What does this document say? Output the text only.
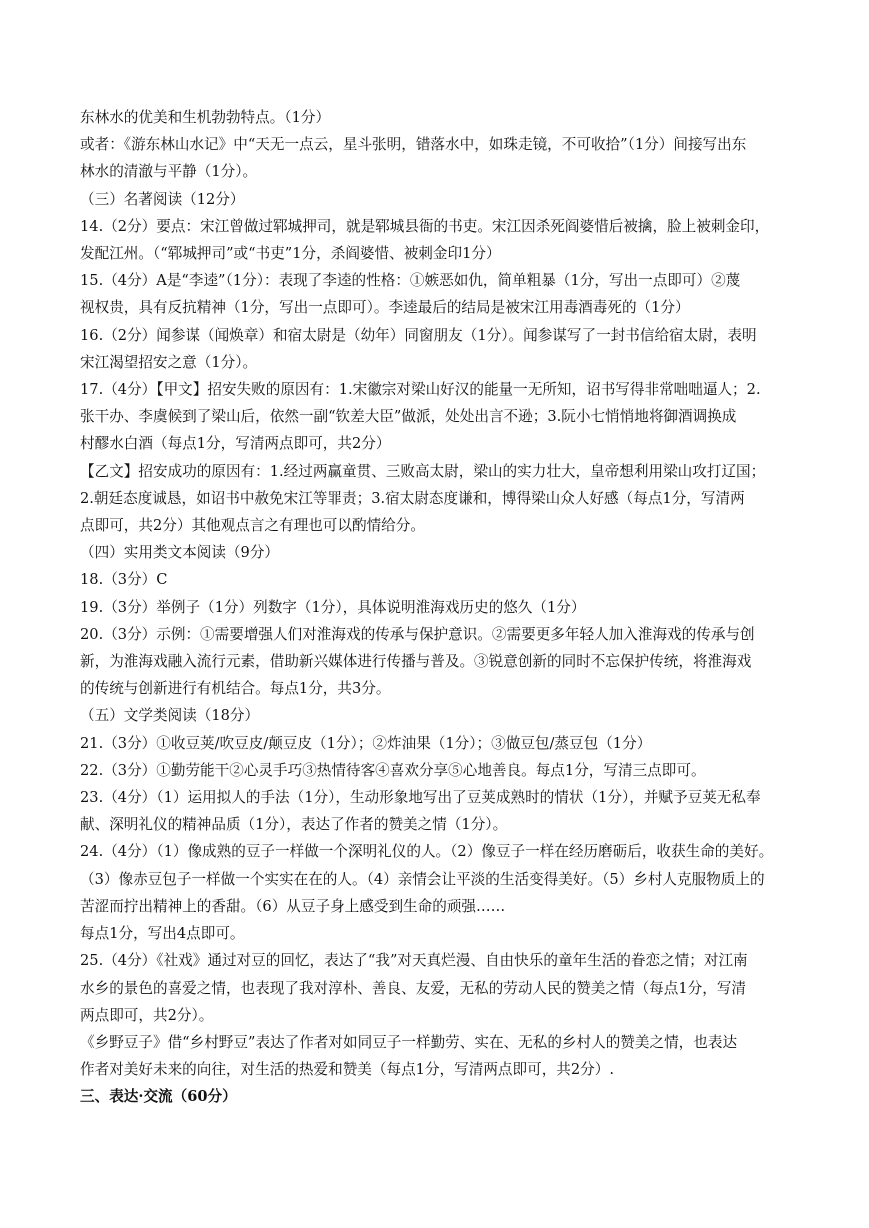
东林水的优美和生机勃勃特点。（1分）
或者：《游东林山水记》中“天无一点云，星斗张明，错落水中，如珠走镜，不可收拾”（1分）间接写出东
林水的清澈与平静（1分）。
（三）名著阅读（12分）
14.（2分）要点：宋江曾做过郓城押司，就是郓城县衙的书吏。宋江因杀死阎婆惜后被擒，脸上被刺金印，
发配江州。（“郓城押司”或“书吏”1分，杀阎婆惜、被刺金印1分）
15.（4分）A是“李逵”（1分）：表现了李逵的性格：①嫉恶如仇，简单粗暴（1分，写出一点即可）②蔑
视权贵，具有反抗精神（1分，写出一点即可）。李逵最后的结局是被宋江用毒酒毒死的（1分）
16.（2分）闻参谋（闻焕章）和宿太尉是（幼年）同窗朋友（1分）。闻参谋写了一封书信给宿太尉，表明
宋江渴望招安之意（1分）。
17.（4分）【甲文】招安失败的原因有：1.宋徽宗对梁山好汉的能量一无所知，诏书写得非常咄咄逼人；2.
张干办、李虞候到了梁山后，依然一副“钦差大臣”做派，处处出言不逊；3.阮小七悄悄地将御酒调换成
村醪水白酒（每点1分，写清两点即可，共2分）
【乙文】招安成功的原因有：1.经过两赢童贯、三败高太尉，梁山的实力壮大，皇帝想利用梁山攻打辽国；
2.朝廷态度诚恳，如诏书中赦免宋江等罪责；3.宿太尉态度谦和，博得梁山众人好感（每点1分，写清两
点即可，共2分）其他观点言之有理也可以酌情给分。
（四）实用类文本阅读（9分）
18.（3分）C
19.（3分）举例子（1分）列数字（1分），具体说明淮海戏历史的悠久（1分）
20.（3分）示例：①需要增强人们对淮海戏的传承与保护意识。②需要更多年轻人加入淮海戏的传承与创
新，为淮海戏融入流行元素，借助新兴媒体进行传播与普及。③锐意创新的同时不忘保护传统，将淮海戏
的传统与创新进行有机结合。每点1分，共3分。
（五）文学类阅读（18分）
21.（3分）①收豆荚/吹豆皮/颠豆皮（1分）；②炸油果（1分）；③做豆包/蒸豆包（1分）
22.（3分）①勤劳能干②心灵手巧③热情待客④喜欢分享⑤心地善良。每点1分，写清三点即可。
23.（4分）（1）运用拟人的手法（1分），生动形象地写出了豆荚成熟时的情状（1分），并赋予豆荚无私奉
献、深明礼仪的精神品质（1分），表达了作者的赞美之情（1分）。
24.（4分）（1）像成熟的豆子一样做一个深明礼仪的人。（2）像豆子一样在经历磨砺后，收获生命的美好。
（3）像赤豆包子一样做一个实实在在的人。（4）亲情会让平淡的生活变得美好。（5）乡村人克服物质上的
苦涩而拧出精神上的香甜。（6）从豆子身上感受到生命的顽强……
每点1分，写出4点即可。
25.（4分）《社戏》通过对豆的回忆，表达了“我”对天真烂漫、自由快乐的童年生活的眷恋之情；对江南
水乡的景色的喜爱之情，也表现了我对淳朴、善良、友爱，无私的劳动人民的赞美之情（每点1分，写清
两点即可，共2分）。
《乡野豆子》借“乡村野豆”表达了作者对如同豆子一样勤劳、实在、无私的乡村人的赞美之情，也表达
作者对美好未来的向往，对生活的热爱和赞美（每点1分，写清两点即可，共2分）.
三、表达·交流（60分）
